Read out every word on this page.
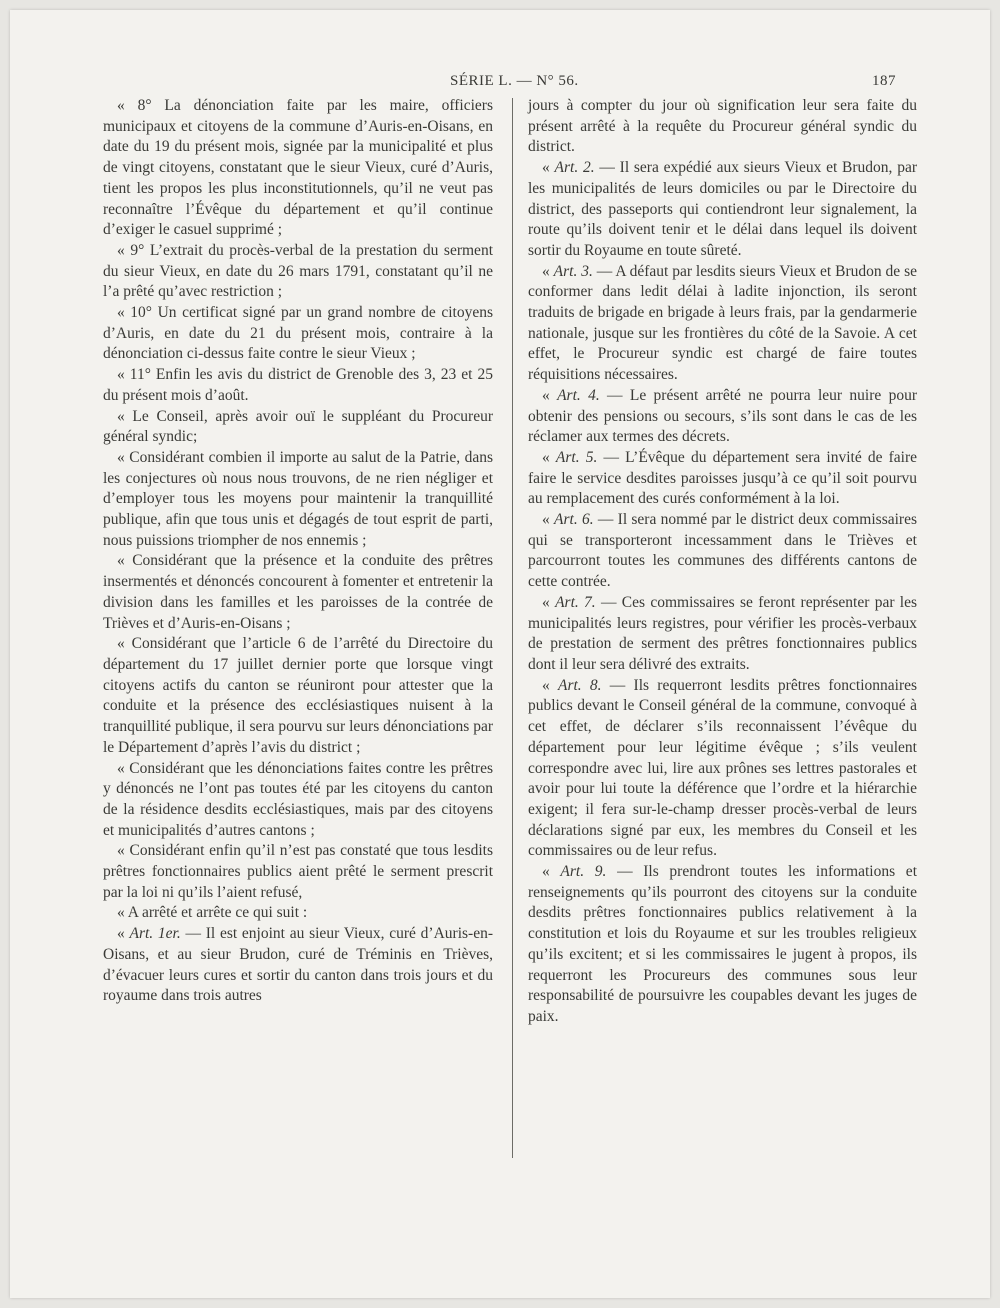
SÉRIE L. — N° 56.	187

« 8° La dénonciation faite par les maire, officiers municipaux et citoyens de la commune d’Auris-en-Oisans, en date du 19 du présent mois, signée par la municipalité et plus de vingt citoyens, constatant que le sieur Vieux, curé d’Auris, tient les propos les plus inconstitutionnels, qu’il ne veut pas reconnaître l’Évêque du département et qu’il continue d’exiger le casuel supprimé ;

« 9° L’extrait du procès-verbal de la prestation du serment du sieur Vieux, en date du 26 mars 1791, constatant qu’il ne l’a prêté qu’avec restriction ;

« 10° Un certificat signé par un grand nombre de citoyens d’Auris, en date du 21 du présent mois, contraire à la dénonciation ci-dessus faite contre le sieur Vieux ;

« 11° Enfin les avis du district de Grenoble des 3, 23 et 25 du présent mois d’août.

« Le Conseil, après avoir ouï le suppléant du Procureur général syndic;

« Considérant combien il importe au salut de la Patrie, dans les conjectures où nous nous trouvons, de ne rien négliger et d’employer tous les moyens pour maintenir la tranquillité publique, afin que tous unis et dégagés de tout esprit de parti, nous puissions triompher de nos ennemis ;

« Considérant que la présence et la conduite des prêtres insermentés et dénoncés concourent à fomenter et entretenir la division dans les familles et les paroisses de la contrée de Trièves et d’Auris-en-Oisans ;

« Considérant que l’article 6 de l’arrêté du Directoire du département du 17 juillet dernier porte que lorsque vingt citoyens actifs du canton se réuniront pour attester que la conduite et la présence des ecclésiastiques nuisent à la tranquillité publique, il sera pourvu sur leurs dénonciations par le Département d’après l’avis du district ;

« Considérant que les dénonciations faites contre les prêtres y dénoncés ne l’ont pas toutes été par les citoyens du canton de la résidence desdits ecclésiastiques, mais par des citoyens et municipalités d’autres cantons ;

« Considérant enfin qu’il n’est pas constaté que tous lesdits prêtres fonctionnaires publics aient prêté le serment prescrit par la loi ni qu’ils l’aient refusé,

« A arrêté et arrête ce qui suit :

« Art. 1er. — Il est enjoint au sieur Vieux, curé d’Auris-en-Oisans, et au sieur Brudon, curé de Tréminis en Trièves, d’évacuer leurs cures et sortir du canton dans trois jours et du royaume dans trois autres

jours à compter du jour où signification leur sera faite du présent arrêté à la requête du Procureur général syndic du district.

« Art. 2. — Il sera expédié aux sieurs Vieux et Brudon, par les municipalités de leurs domiciles ou par le Directoire du district, des passeports qui contiendront leur signalement, la route qu’ils doivent tenir et le délai dans lequel ils doivent sortir du Royaume en toute sûreté.

« Art. 3. — A défaut par lesdits sieurs Vieux et Brudon de se conformer dans ledit délai à ladite injonction, ils seront traduits de brigade en brigade à leurs frais, par la gendarmerie nationale, jusque sur les frontières du côté de la Savoie. A cet effet, le Procureur syndic est chargé de faire toutes réquisitions nécessaires.

« Art. 4. — Le présent arrêté ne pourra leur nuire pour obtenir des pensions ou secours, s’ils sont dans le cas de les réclamer aux termes des décrets.

« Art. 5. — L’Évêque du département sera invité de faire faire le service desdites paroisses jusqu’à ce qu’il soit pourvu au remplacement des curés conformément à la loi.

« Art. 6. — Il sera nommé par le district deux commissaires qui se transporteront incessamment dans le Trièves et parcourront toutes les communes des différents cantons de cette contrée.

« Art. 7. — Ces commissaires se feront représenter par les municipalités leurs registres, pour vérifier les procès-verbaux de prestation de serment des prêtres fonctionnaires publics dont il leur sera délivré des extraits.

« Art. 8. — Ils requerront lesdits prêtres fonctionnaires publics devant le Conseil général de la commune, convoqué à cet effet, de déclarer s’ils reconnaissent l’évêque du département pour leur légitime évêque ; s’ils veulent correspondre avec lui, lire aux prônes ses lettres pastorales et avoir pour lui toute la déférence que l’ordre et la hiérarchie exigent; il fera sur-le-champ dresser procès-verbal de leurs déclarations signé par eux, les membres du Conseil et les commissaires ou de leur refus.

« Art. 9. — Ils prendront toutes les informations et renseignements qu’ils pourront des citoyens sur la conduite desdits prêtres fonctionnaires publics relativement à la constitution et lois du Royaume et sur les troubles religieux qu’ils excitent; et si les commissaires le jugent à propos, ils requerront les Procureurs des communes sous leur responsabilité de poursuivre les coupables devant les juges de paix.
